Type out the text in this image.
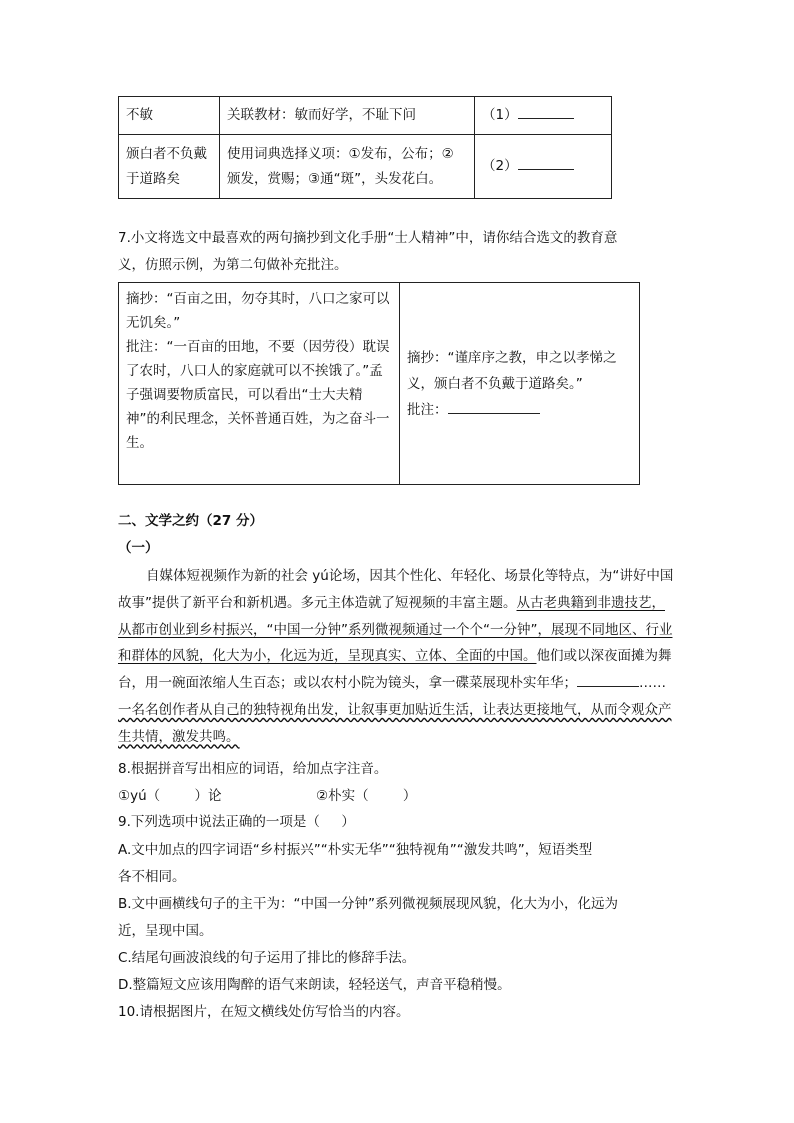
不敏	关联教材：敏而好学，不耻下问	（1）
颁白者不负戴于道路矣	使用词典选择义项：①发布，公布；②颁发，赏赐；③通“斑”，头发花白。	（2）
7.小文将选文中最喜欢的两句摘抄到文化手册“士人精神”中，请你结合选文的教育意
义，仿照示例，为第二句做补充批注。
摘抄：“百亩之田，勿夺其时，八口之家可以无饥矣。”
批注：“一百亩的田地，不要（因劳役）耽误了农时，八口人的家庭就可以不挨饿了。”孟子强调要物质富民，可以看出“士大夫精神”的利民理念，关怀普通百姓，为之奋斗一生。

摘抄：“谨庠序之教，申之以孝悌之义，颁白者不负戴于道路矣。”
批注：
二、文学之约（27 分）
（一）
自媒体短视频作为新的社会 yú论场，因其个性化、年轻化、场景化等特点，为“讲好中国故事”提供了新平台和新机遇。多元主体造就了短视频的丰富主题。从古老典籍到非遗技艺，从都市创业到乡村振兴，“中国一分钟”系列微视频通过一个个“一分钟”，展现不同地区、行业和群体的风貌，化大为小，化远为近，呈现真实、立体、全面的中国。他们或以深夜面摊为舞台，用一碗面浓缩人生百态；或以农村小院为镜头，拿一碟菜展现朴实年华；	……一名名创作者从自己的独特视角出发，让叙事更加贴近生活，让表达更接地气，从而令观众产生共情，激发共鸣。
8.根据拼音写出相应的词语，给加点字注音。
①yú（        ）论	②朴实（        ）
9.下列选项中说法正确的一项是（     ）
A.文中加点的四字词语“乡村振兴”“朴实无华”“独特视角”“激发共鸣”，短语类型
各不相同。
B.文中画横线句子的主干为：“中国一分钟”系列微视频展现风貌，化大为小，化远为
近，呈现中国。
C.结尾句画波浪线的句子运用了排比的修辞手法。
D.整篇短文应该用陶醉的语气来朗读，轻轻送气，声音平稳稍慢。
10.请根据图片，在短文横线处仿写恰当的内容。
